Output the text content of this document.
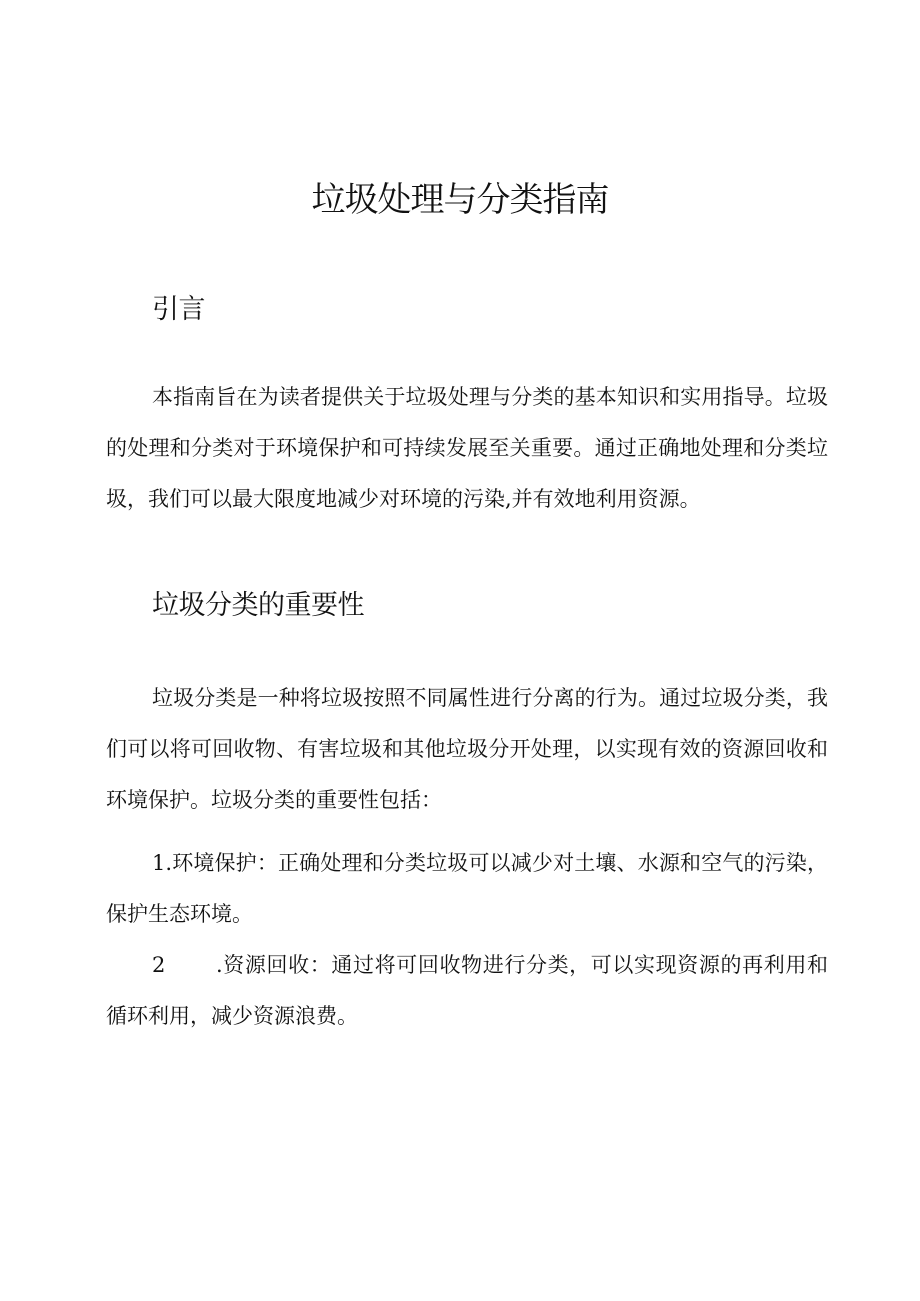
垃圾处理与分类指南
引言

本指南旨在为读者提供关于垃圾处理与分类的基本知识和实用指导。垃圾的处理和分类对于环境保护和可持续发展至关重要。通过正确地处理和分类垃圾，我们可以最大限度地减少对环境的污染,并有效地利用资源。

垃圾分类的重要性

垃圾分类是一种将垃圾按照不同属性进行分离的行为。通过垃圾分类，我们可以将可回收物、有害垃圾和其他垃圾分开处理，以实现有效的资源回收和环境保护。垃圾分类的重要性包括：

1.环境保护：正确处理和分类垃圾可以减少对土壤、水源和空气的污染，保护生态环境。

2 .资源回收：通过将可回收物进行分类，可以实现资源的再利用和循环利用，减少资源浪费。
